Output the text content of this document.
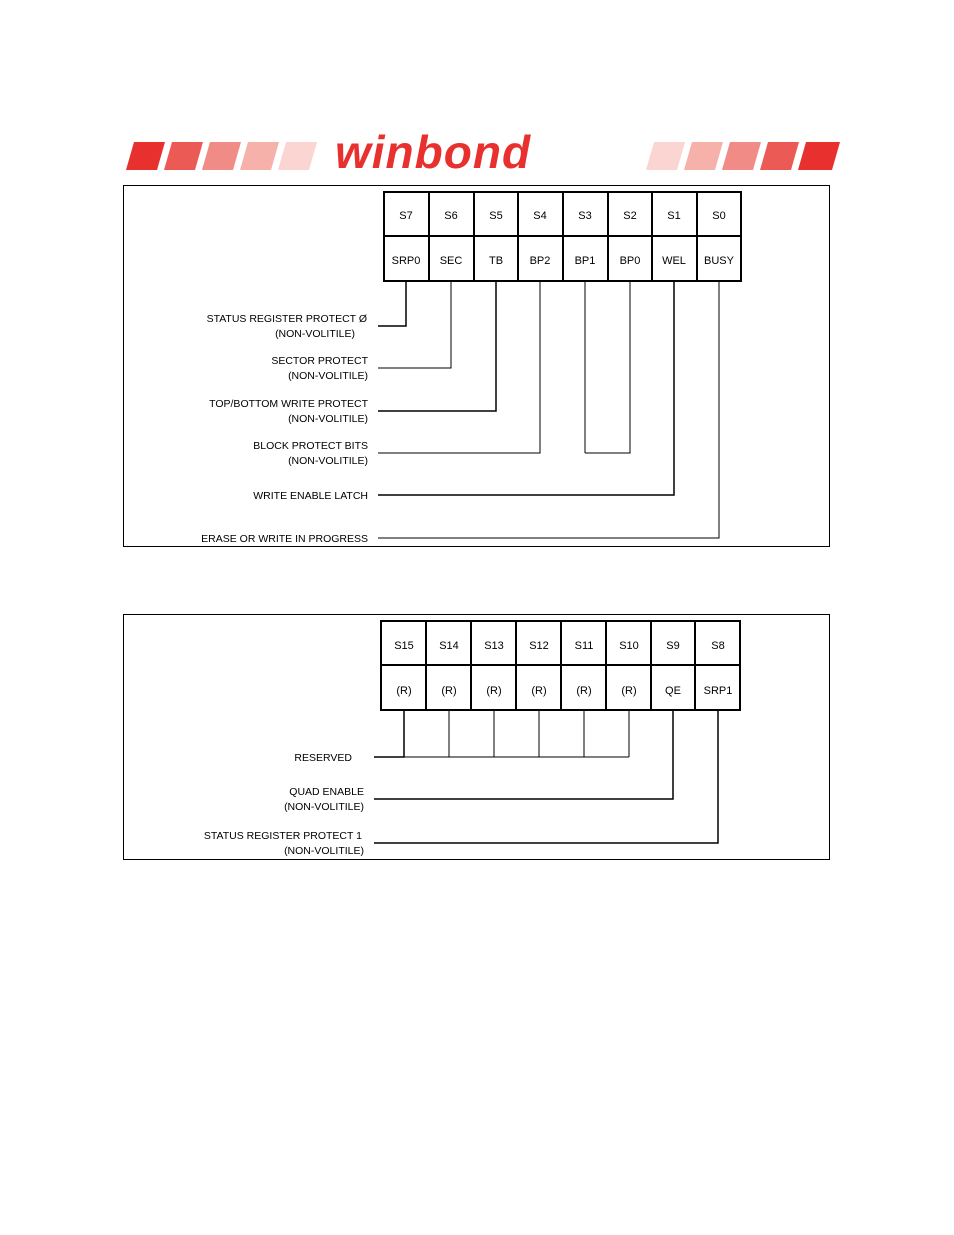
winbond
S7	S6	S5	S4	S3	S2	S1	S0
SRP0 SEC TB BP2 BP1 BP0 WEL BUSY
STATUS REGISTER PROTECT Ø
(NON-VOLITILE)
SECTOR PROTECT
(NON-VOLITILE)
TOP/BOTTOM WRITE PROTECT
(NON-VOLITILE)
BLOCK PROTECT BITS
(NON-VOLITILE)
WRITE ENABLE LATCH
ERASE OR WRITE IN PROGRESS
S15 S14 S13 S12 S11 S10 S9	S8
(R)	(R)	(R)	(R)	(R)	(R)	QE SRP1
RESERVED
QUAD ENABLE
(NON-VOLITILE)
STATUS REGISTER PROTECT 1
(NON-VOLITILE)
